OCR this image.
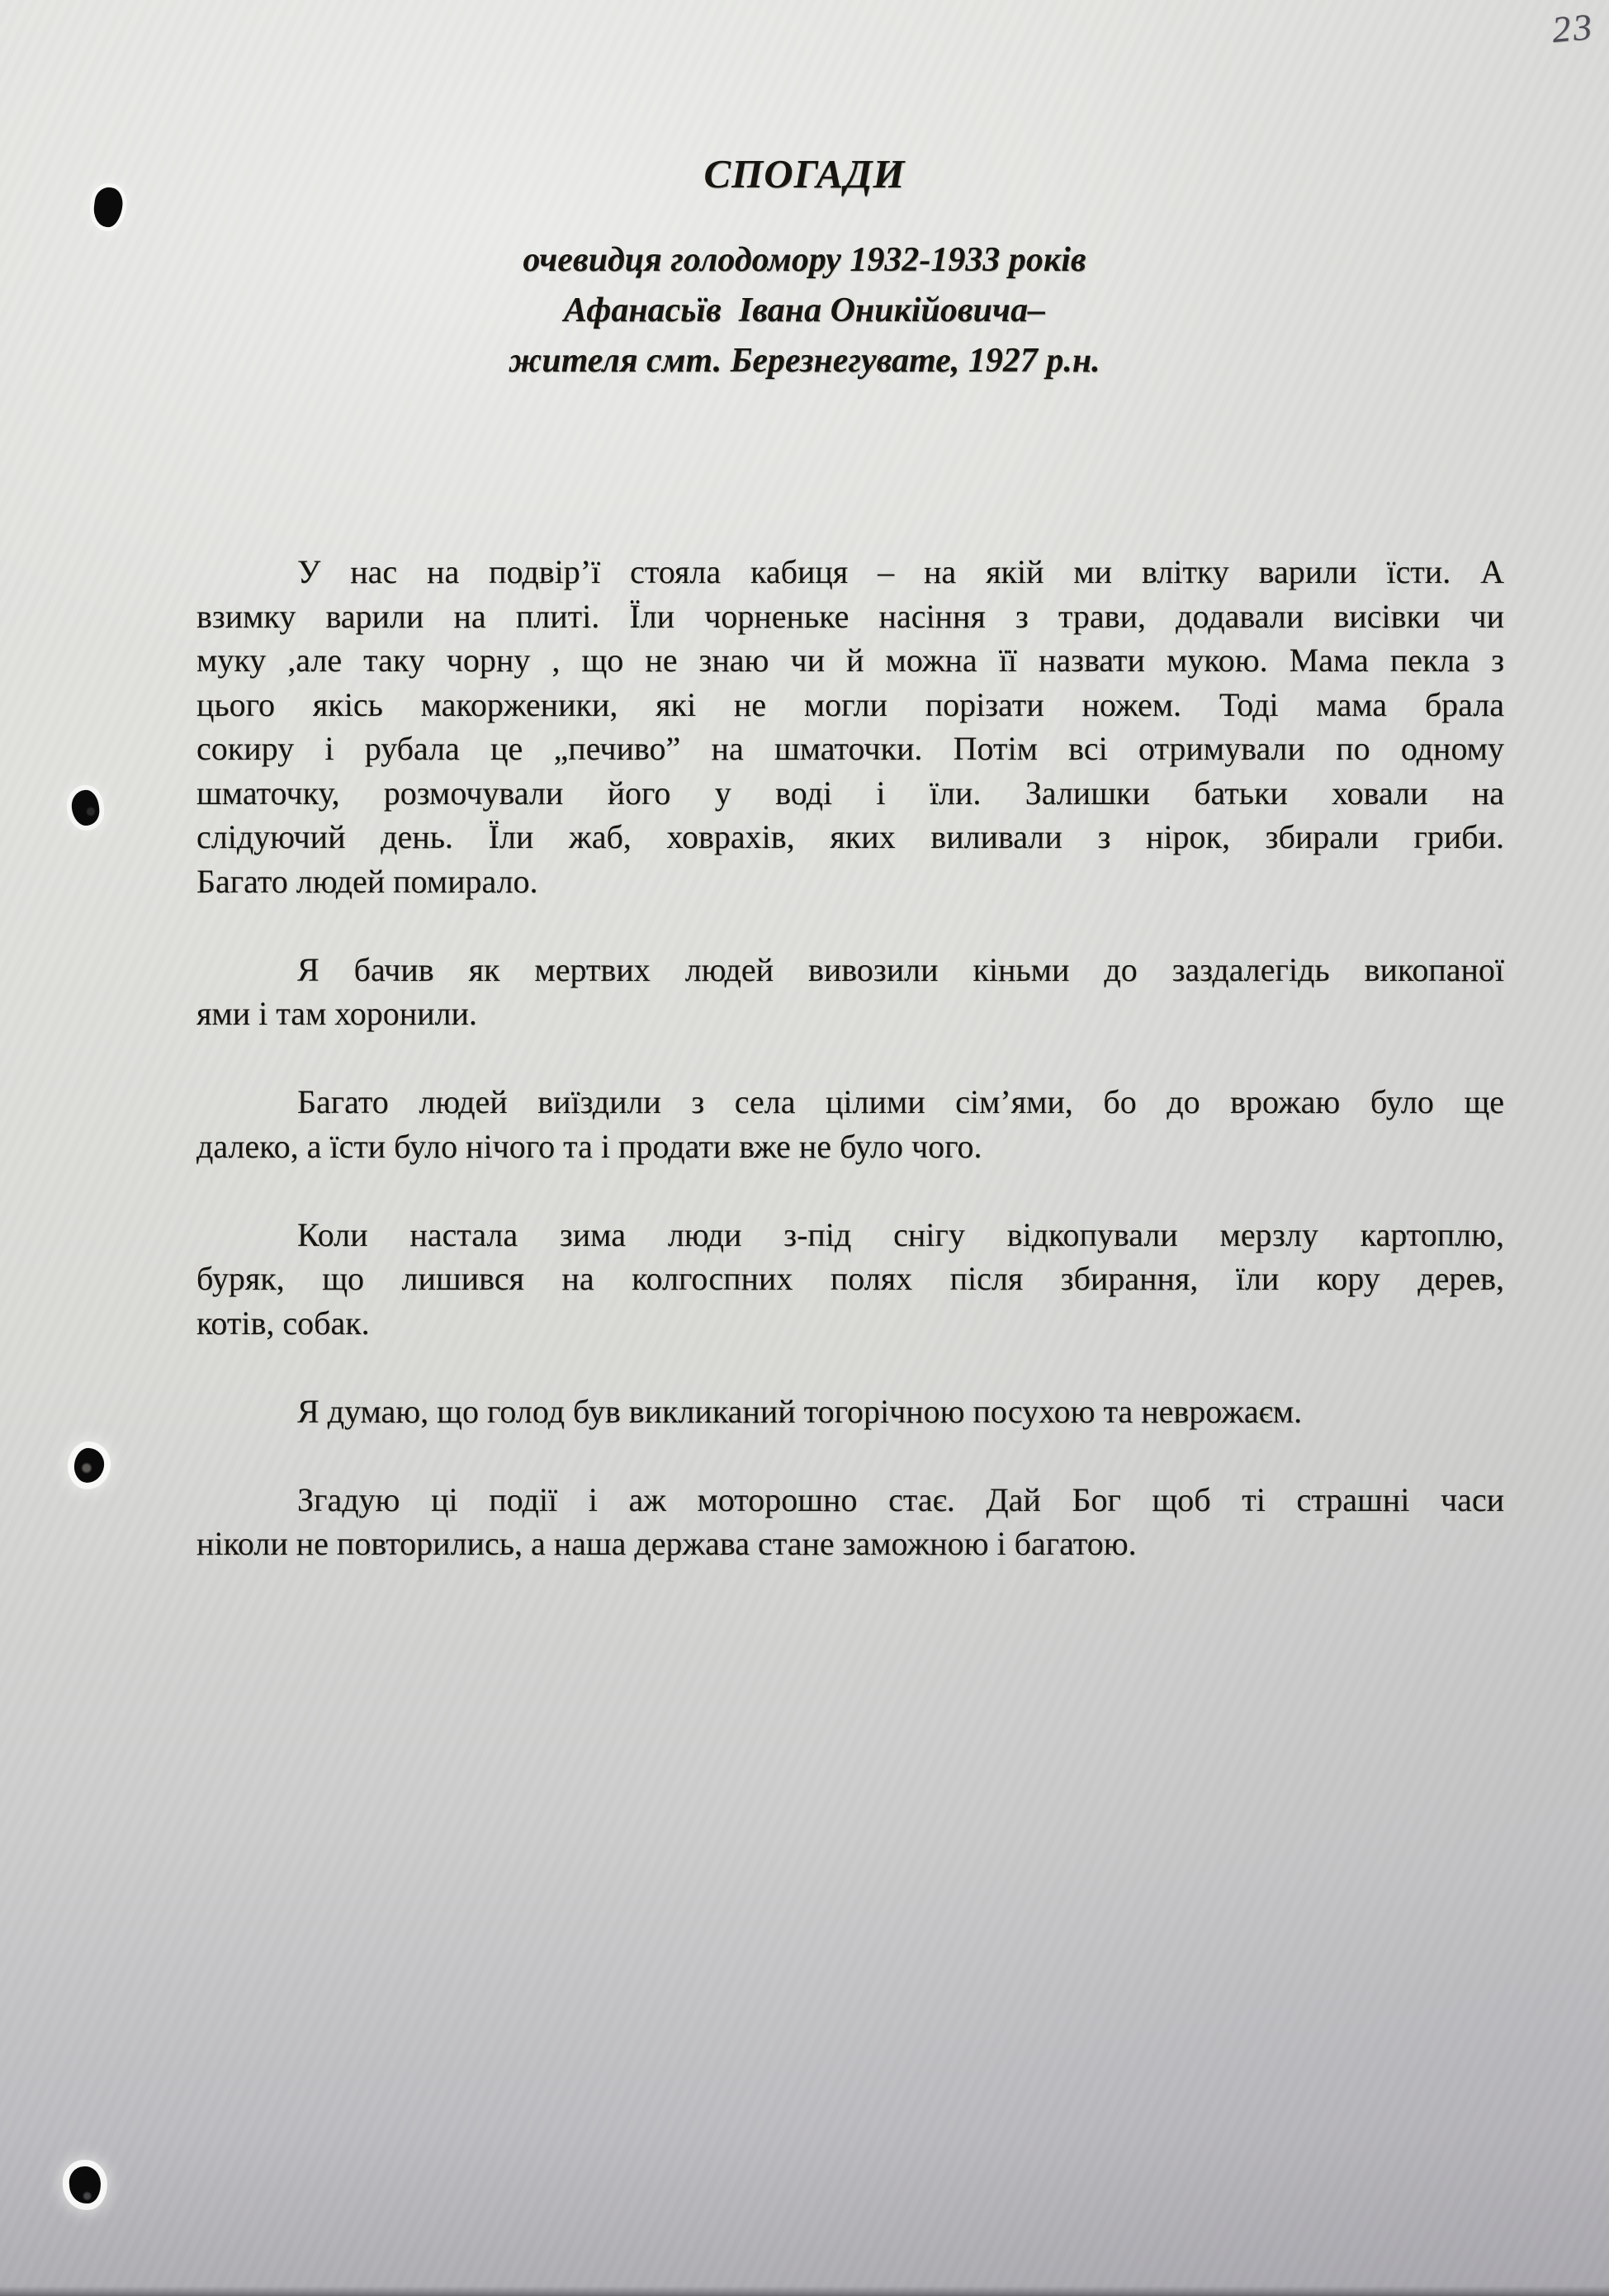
23
СПОГАДИ
очевидця голодомору 1932-1933 років
Афанасьїв  Івана Оникійовича–
жителя смт. Березнегувате, 1927 р.н.
У нас на подвір’ї стояла кабиця – на якій ми влітку варили їсти. А
взимку варили на плиті. Їли чорненьке насіння з трави, додавали висівки чи
муку ,але таку чорну , що не знаю чи й можна її назвати мукою. Мама пекла з
цього якісь макорженики, які не могли порізати ножем. Тоді мама брала
сокиру і рубала це „печиво” на шматочки. Потім всі отримували по одному
шматочку, розмочували його у воді і їли. Залишки батьки ховали на
слідуючий день. Їли жаб, ховрахів, яких виливали з нірок, збирали гриби.
Багато людей помирало.
Я бачив як мертвих людей вивозили кіньми до заздалегідь викопаної
ями і там хоронили.
Багато людей виїздили з села цілими сім’ями, бо до врожаю було ще
далеко, а їсти було нічого та і продати вже не було чого.
Коли настала зима люди з-під снігу відкопували мерзлу картоплю,
буряк, що лишився на колгоспних полях після збирання, їли кору дерев,
котів, собак.
Я думаю, що голод був викликаний тогорічною посухою та неврожаєм.
Згадую ці події і аж моторошно стає. Дай Бог щоб ті страшні часи
ніколи не повторились, а наша держава стане заможною і багатою.
